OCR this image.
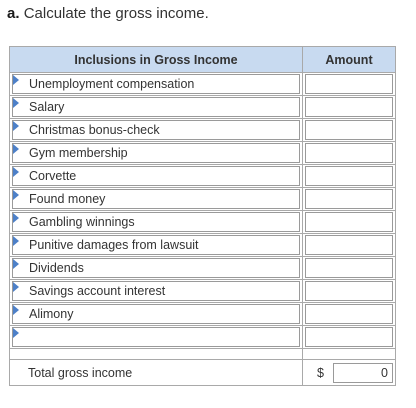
a. Calculate the gross income.
Inclusions in Gross Income	Amount

Unemployment compensation	

Salary	

Christmas bonus-check	

Gym membership	

Corvette	

Found money	

Gambling winnings	

Punitive damages from lawsuit	

Dividends	

Savings account interest	

Alimony	

Total gross income	$ 0
